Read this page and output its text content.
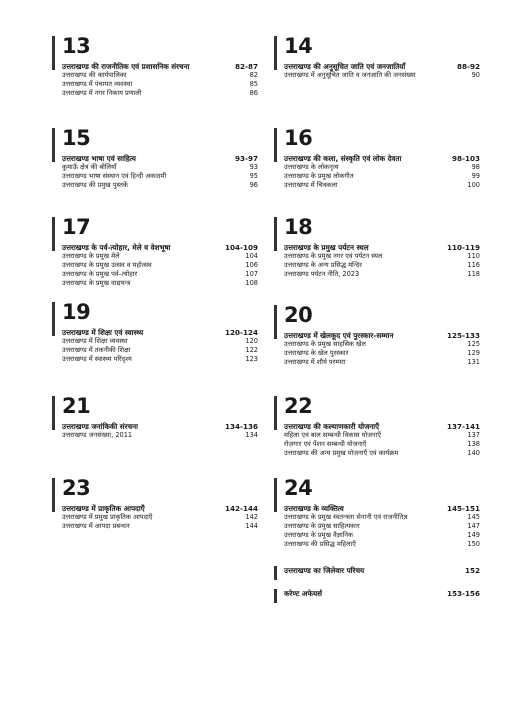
13
उत्तराखण्ड की राजनीतिक एवं प्रशासनिक संरचना	82-87
उत्तराखण्ड की कार्यपालिका	82
उत्तराखण्ड में पंचायत व्यवस्था	85
उत्तराखण्ड में नगर निकाय प्रणाली	86
15
उत्तराखण्ड भाषा एवं साहित्य	93-97
कुमाऊँ क्षेत्र की बोलियाँ	93
उत्तराखण्ड भाषा संस्थान एवं हिन्दी अकादमी	95
उत्तराखण्ड की प्रमुख पुस्तकें	96
17
उत्तराखण्ड के पर्व-त्योहार, मेले व वेशभूषा	104-109
उत्तराखण्ड के प्रमुख मेले	104
उत्तराखण्ड के प्रमुख उत्सव व महोत्सव	106
उत्तराखण्ड के प्रमुख पर्व–त्योहार	107
उत्तराखण्ड के प्रमुख वाद्ययन्त्र	108
19
उत्तराखण्ड में शिक्षा एवं स्वास्थ्य	120-124
उत्तराखण्ड में शिक्षा व्यवस्था	120
उत्तराखण्ड में तकनीकी शिक्षा	122
उत्तराखण्ड में स्वास्थ्य परिदृश्य	123
21
उत्तराखण्ड जनांकिकी संरचना	134-136
उत्तराखण्ड जनसंख्या, 2011	134
23
उत्तराखण्ड में प्राकृतिक आपदाएँ	142-144
उत्तराखण्ड में प्रमुख प्राकृतिक आपदाएँ	142
उत्तराखण्ड में आपदा प्रबन्धन	144
14
उत्तराखण्ड की अनुसूचित जाति एवं जनजातियाँ	88-92
उत्तराखण्ड में अनुसूचित जाति व जनजाति की जनसंख्या	90
16
उत्तराखण्ड की कला, संस्कृति एवं लोक देवता	98-103
उत्तराखण्ड के लोकनृत्य	98
उत्तराखण्ड के प्रमुख लोकगीत	99
उत्तराखण्ड में चित्रकला	100
18
उत्तराखण्ड के प्रमुख पर्यटन स्थल	110-119
उत्तराखण्ड के प्रमुख नगर एवं पर्यटन स्थल	110
उत्तराखण्ड के अन्य प्रसिद्ध मन्दिर	116
उत्तराखण्ड पर्यटन नीति, 2023	118
20
उत्तराखण्ड में खेलकूद एवं पुरस्कार-सम्मान	125-133
उत्तराखण्ड के प्रमुख साहसिक खेल	125
उत्तराखण्ड के खेल पुरस्कार	129
उत्तराखण्ड में शौर्य परम्परा	131
22
उत्तराखण्ड की कल्याणकारी योजनाएँ	137-141
महिला एवं बाल सम्बन्धी विकास योजनाएँ	137
रोज़गार एवं पेंशन सम्बन्धी योजनाएँ	138
उत्तराखण्ड की अन्य प्रमुख योजनाएँ एवं कार्यक्रम	140
24
उत्तराखण्ड के व्यक्तित्व	145-151
उत्तराखण्ड के प्रमुख स्वतन्त्रता सेनानी एवं राजनीतिज्ञ	145
उत्तराखण्ड के प्रमुख साहित्यकार	147
उत्तराखण्ड के प्रमुख वैज्ञानिक	149
उत्तराखण्ड की प्रसिद्ध महिलाएँ	150
उत्तराखण्ड का जिलेवार परिचय	152
करेण्ट अफेयर्स	153-156
